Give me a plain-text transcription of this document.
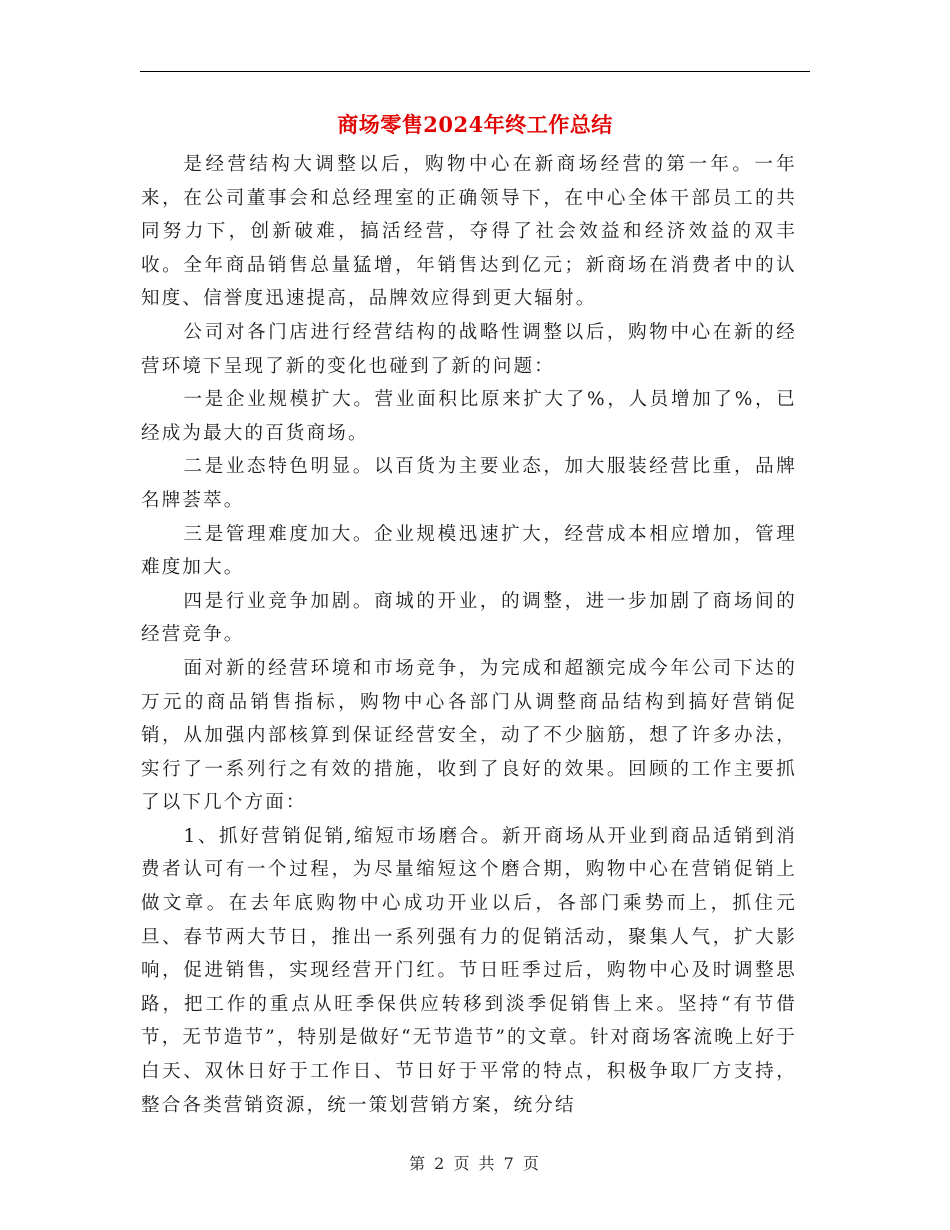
商场零售2024年终工作总结

是经营结构大调整以后，购物中心在新商场经营的第一年。一年来，在公司董事会和总经理室的正确领导下，在中心全体干部员工的共同努力下，创新破难，搞活经营，夺得了社会效益和经济效益的双丰收。全年商品销售总量猛增，年销售达到亿元；新商场在消费者中的认知度、信誉度迅速提高，品牌效应得到更大辐射。

公司对各门店进行经营结构的战略性调整以后，购物中心在新的经营环境下呈现了新的变化也碰到了新的问题：

一是企业规模扩大。营业面积比原来扩大了%，人员增加了%，已经成为最大的百货商场。

二是业态特色明显。以百货为主要业态，加大服装经营比重，品牌名牌荟萃。

三是管理难度加大。企业规模迅速扩大，经营成本相应增加，管理难度加大。

四是行业竞争加剧。商城的开业，的调整，进一步加剧了商场间的经营竞争。

面对新的经营环境和市场竞争，为完成和超额完成今年公司下达的万元的商品销售指标，购物中心各部门从调整商品结构到搞好营销促销，从加强内部核算到保证经营安全，动了不少脑筋，想了许多办法，实行了一系列行之有效的措施，收到了良好的效果。回顾的工作主要抓了以下几个方面：

1、抓好营销促销,缩短市场磨合。新开商场从开业到商品适销到消费者认可有一个过程，为尽量缩短这个磨合期，购物中心在营销促销上做文章。在去年底购物中心成功开业以后，各部门乘势而上，抓住元旦、春节两大节日，推出一系列强有力的促销活动，聚集人气，扩大影响，促进销售，实现经营开门红。节日旺季过后，购物中心及时调整思路，把工作的重点从旺季保供应转移到淡季促销售上来。坚持“有节借节，无节造节”，特别是做好“无节造节”的文章。针对商场客流晚上好于白天、双休日好于工作日、节日好于平常的特点，积极争取厂方支持，整合各类营销资源，统一策划营销方案，统分结

第 2 页 共 7 页
